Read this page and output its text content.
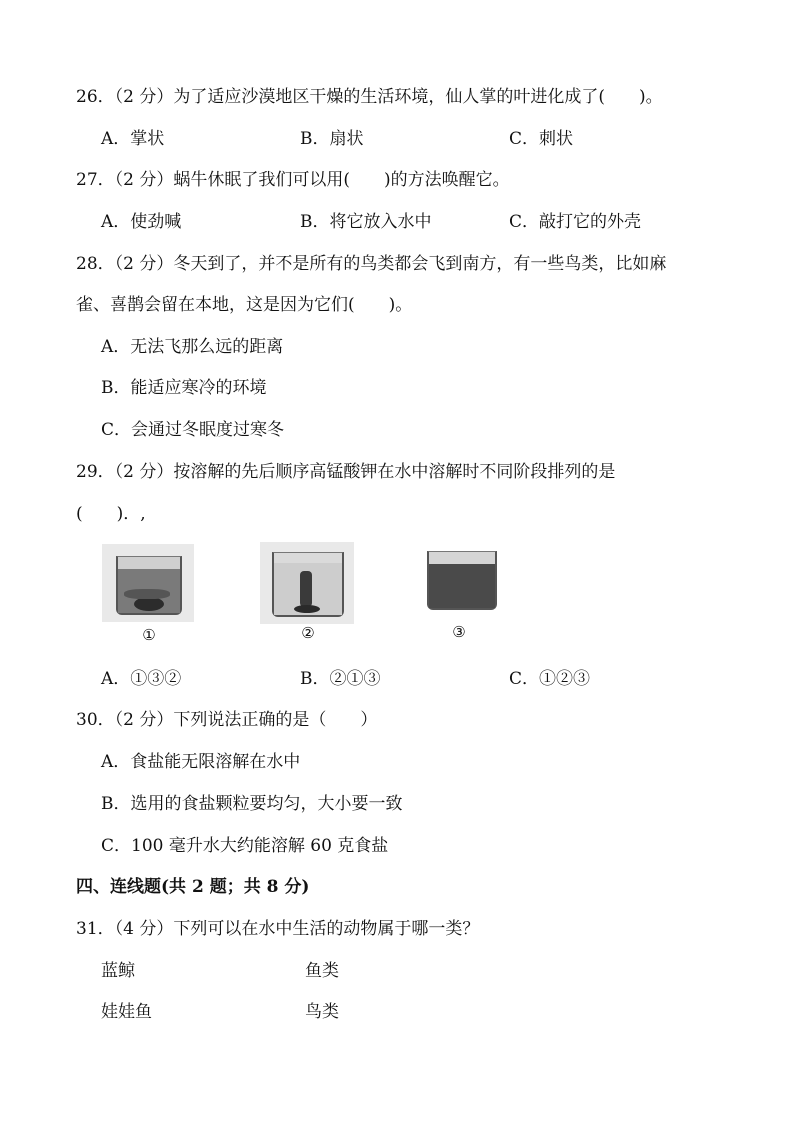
26．（2 分）为了适应沙漠地区干燥的生活环境，仙人掌的叶进化成了(　　)。
A．掌状	B．扇状	C．刺状
27．（2 分）蜗牛休眠了我们可以用(　　)的方法唤醒它。
A．使劲喊	B．将它放入水中	C．敲打它的外壳
28．（2 分）冬天到了，并不是所有的鸟类都会飞到南方，有一些鸟类，比如麻
雀、喜鹊会留在本地，这是因为它们(　　)。
A．无法飞那么远的距离
B．能适应寒冷的环境
C．会通过冬眠度过寒冬
29．（2 分）按溶解的先后顺序高锰酸钾在水中溶解时不同阶段排列的是
(　　)．,
①	②	③
A．①③②	B．②①③	C．①②③
30．（2 分）下列说法正确的是（　　）
A．食盐能无限溶解在水中
B．选用的食盐颗粒要均匀，大小要一致
C．100 毫升水大约能溶解 60 克食盐
四、连线题(共 2 题；共 8 分)
31．（4 分）下列可以在水中生活的动物属于哪一类？
蓝鲸	鱼类
娃娃鱼	鸟类
